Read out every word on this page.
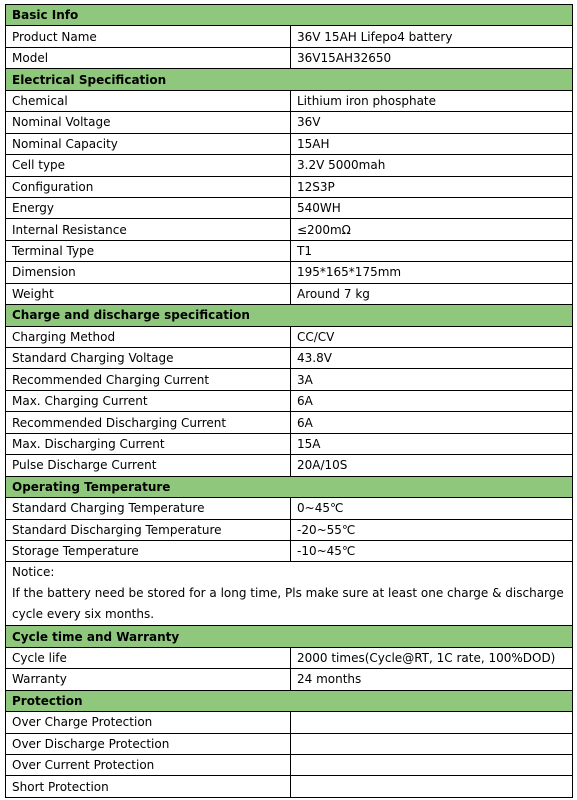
Basic Info	
Product Name	36V 15AH Lifepo4 battery
Model	36V15AH32650
Electrical Specification	
Chemical	Lithium iron phosphate
Nominal Voltage	36V
Nominal Capacity	15AH
Cell type	3.2V 5000mah
Configuration	12S3P
Energy	540WH
Internal Resistance	≤200mΩ
Terminal Type	T1
Dimension	195*165*175mm
Weight	Around 7 kg
Charge and discharge specification	
Charging Method	CC/CV
Standard Charging Voltage	43.8V
Recommended Charging Current	3A
Max. Charging Current	6A
Recommended Discharging Current	6A
Max. Discharging Current	15A
Pulse Discharge Current	20A/10S
Operating Temperature	
Standard Charging Temperature	0~45℃
Standard Discharging Temperature	-20~55℃
Storage Temperature	-10~45℃

Notice:
If the battery need be stored for a long time, Pls make sure at least one charge & discharge cycle every six months.	

Cycle time and Warranty	
Cycle life	2000 times(Cycle@RT, 1C rate, 100%DOD)
Warranty	24 months
Protection	
Over Charge Protection	
Over Discharge Protection	
Over Current Protection	
Short Protection	
